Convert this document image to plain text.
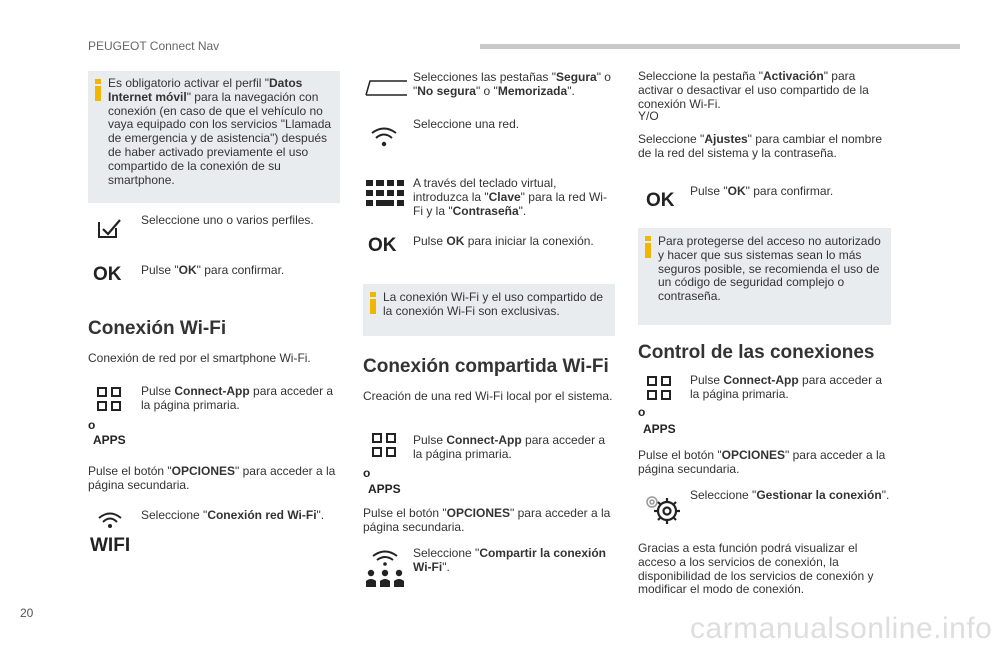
PEUGEOT Connect Nav
20	carmanualsonline.info
Es obligatorio activar el perfil "Datos Internet móvil" para la navegación con conexión (en caso de que el vehículo no vaya equipado con los servicios "Llamada de emergencia y de asistencia") después de haber activado previamente el uso compartido de la conexión de su smartphone.
Seleccione uno o varios perfiles.
OK Pulse "OK" para confirmar.
Conexión Wi-Fi
Conexión de red por el smartphone Wi-Fi.
Pulse Connect-App para acceder a la página primaria.
o
APPS
Pulse el botón "OPCIONES" para acceder a la página secundaria.
WIFI
Seleccione "Conexión red Wi-Fi".
Selecciones las pestañas "Segura" o "No segura" o "Memorizada".
Seleccione una red.
A través del teclado virtual, introduzca la "Clave" para la red Wi-Fi y la "Contraseña".
OK Pulse OK para iniciar la conexión.
La conexión Wi-Fi y el uso compartido de la conexión Wi-Fi son exclusivas.
Conexión compartida Wi-Fi
Creación de una red Wi-Fi local por el sistema.
Pulse Connect-App para acceder a la página primaria.
o
APPS
Pulse el botón "OPCIONES" para acceder a la página secundaria.
Seleccione "Compartir la conexión Wi-Fi".
Seleccione la pestaña "Activación" para activar o desactivar el uso compartido de la conexión Wi-Fi.
Y/O
Seleccione "Ajustes" para cambiar el nombre de la red del sistema y la contraseña.
OK Pulse "OK" para confirmar.
Para protegerse del acceso no autorizado y hacer que sus sistemas sean lo más seguros posible, se recomienda el uso de un código de seguridad complejo o contraseña.
Control de las conexiones
Pulse Connect-App para acceder a la página primaria.
o
APPS
Pulse el botón "OPCIONES" para acceder a la página secundaria.
Seleccione "Gestionar la conexión".
Gracias a esta función podrá visualizar el acceso a los servicios de conexión, la disponibilidad de los servicios de conexión y modificar el modo de conexión.
